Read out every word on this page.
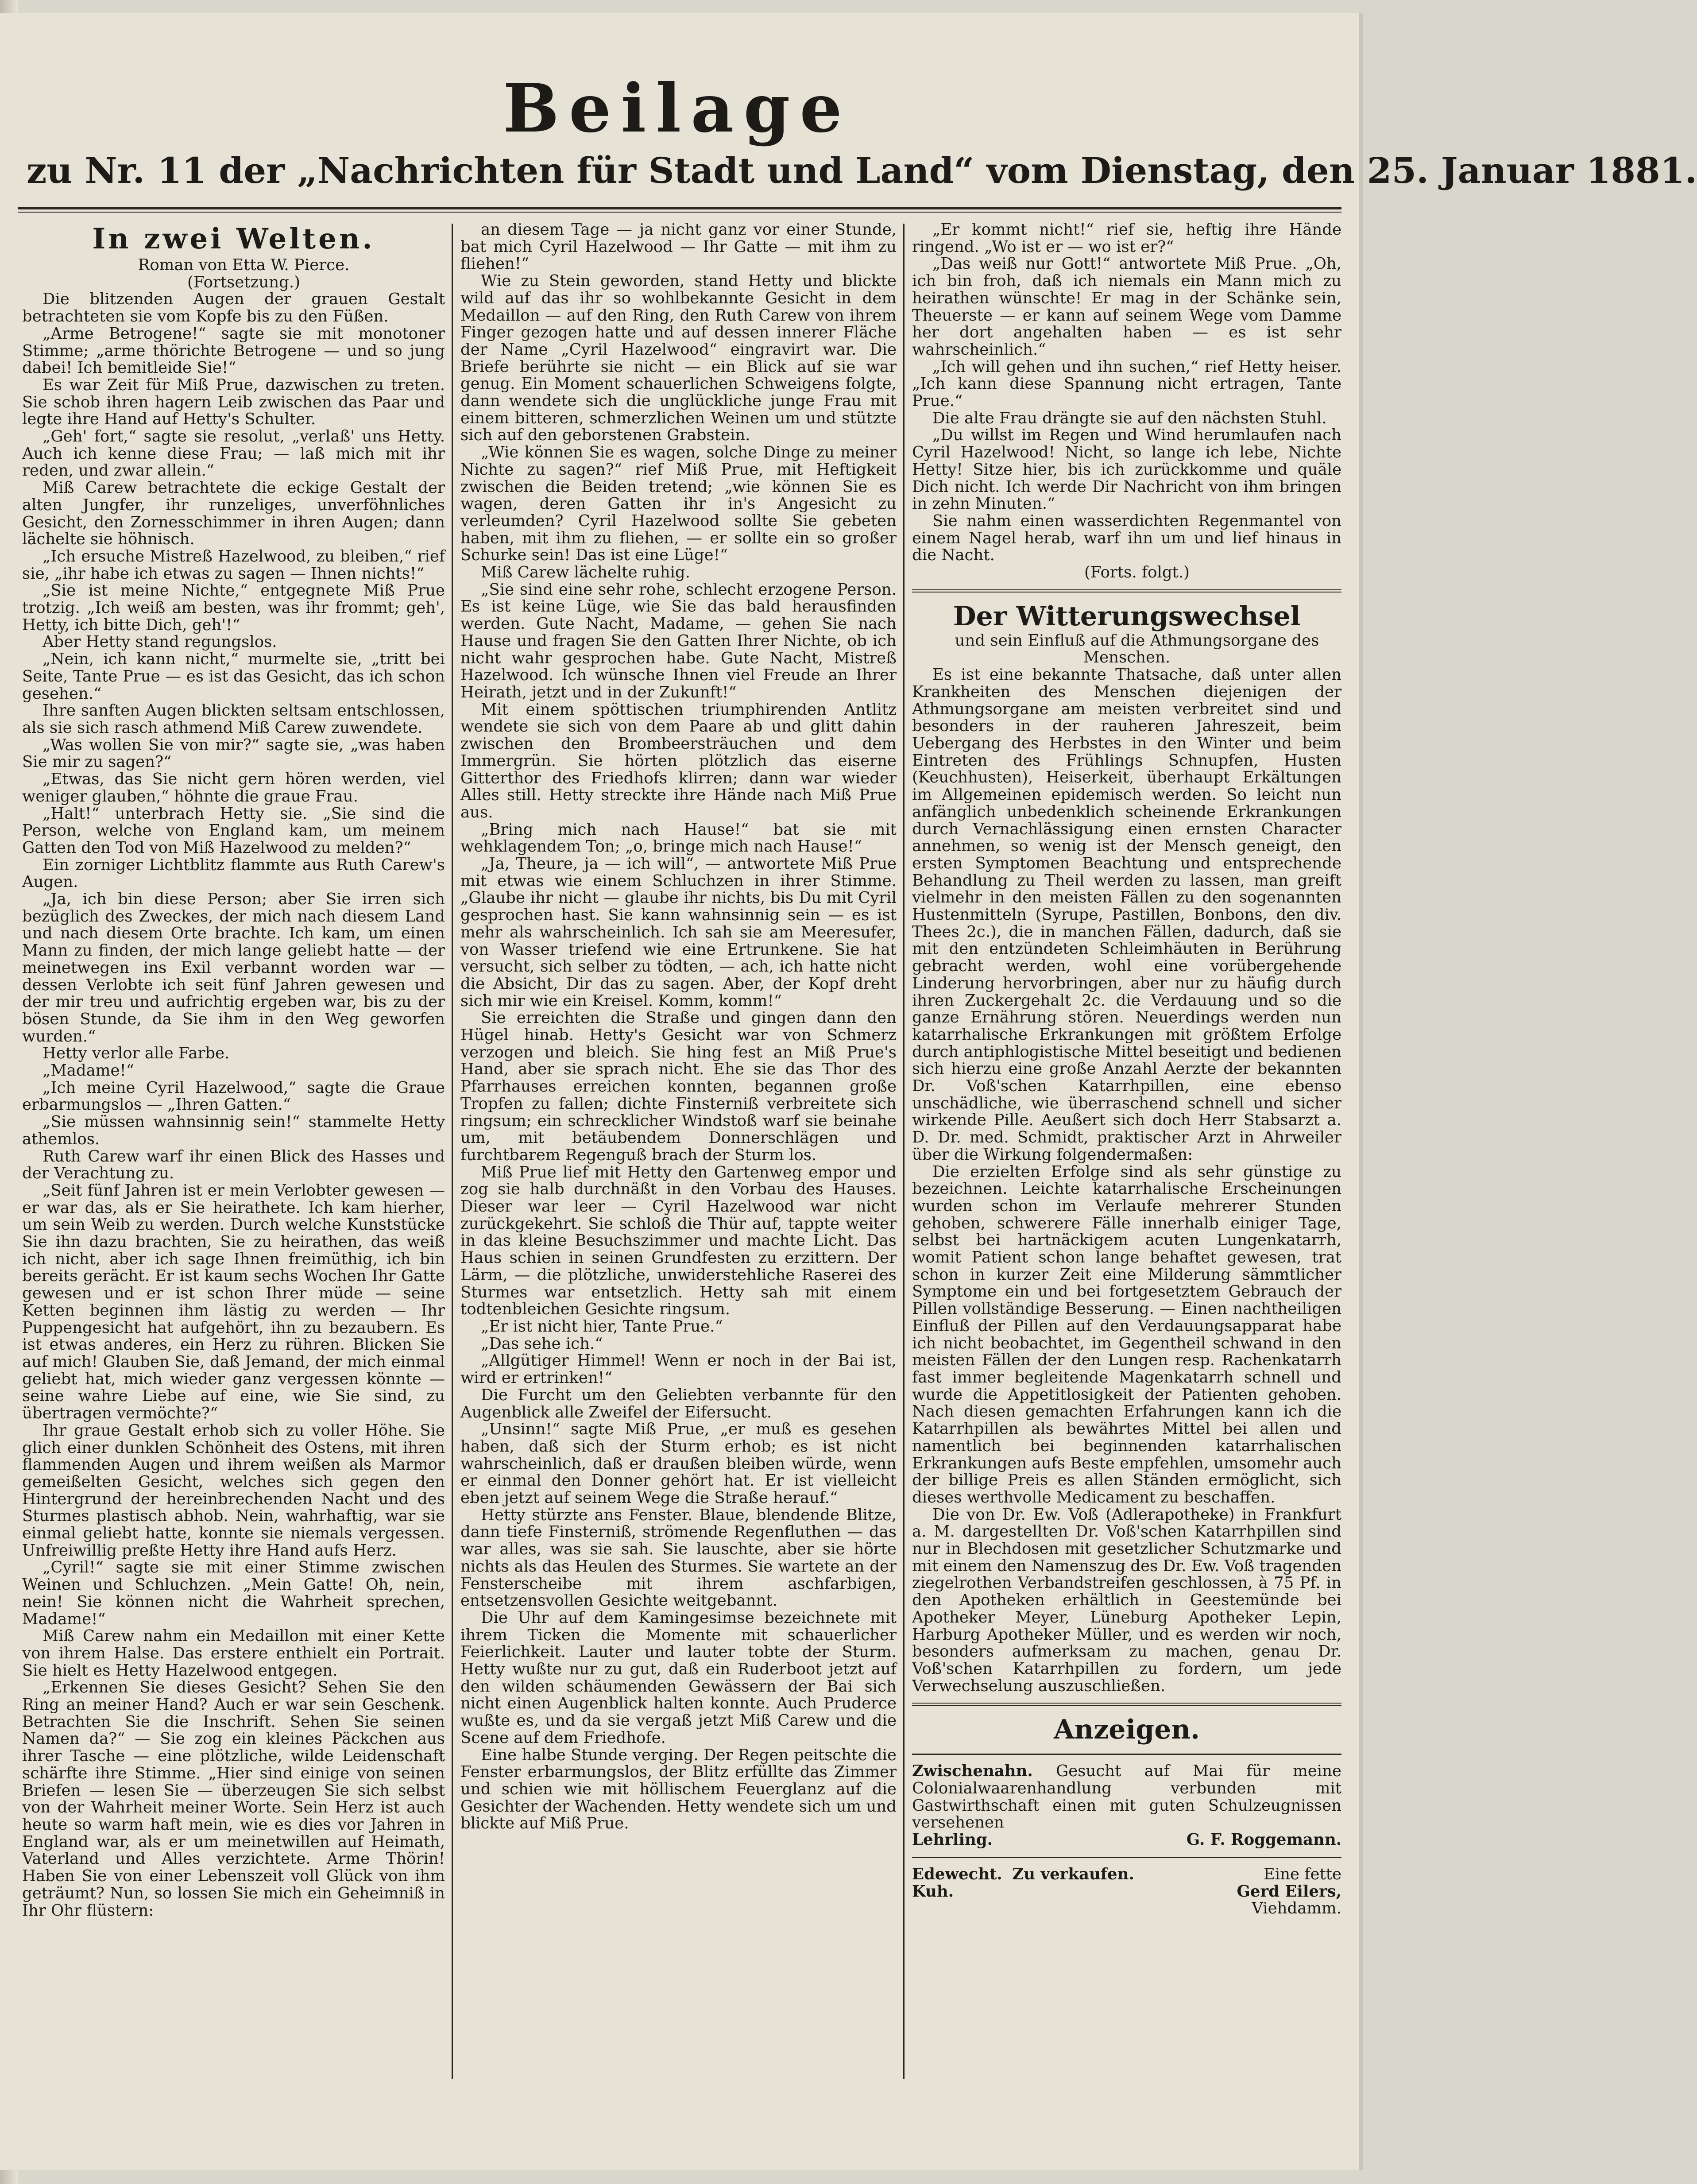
Beilage
zu Nr. 11 der „Nachrichten für Stadt und Land“ vom Dienstag, den 25. Januar 1881.
In zwei Welten.

Roman von Etta W. Pierce.

(Fortsetzung.)

Die blitzenden Augen der grauen Gestalt betrachteten sie vom Kopfe bis zu den Füßen.

„Arme Betrogene!“ sagte sie mit monotoner Stimme; „arme thörichte Betrogene — und so jung dabei! Ich bemitleide Sie!“

Es war Zeit für Miß Prue, dazwischen zu treten. Sie schob ihren hagern Leib zwischen das Paar und legte ihre Hand auf Hetty's Schulter.

„Geh' fort,“ sagte sie resolut, „verlaß' uns Hetty. Auch ich kenne diese Frau; — laß mich mit ihr reden, und zwar allein.“

Miß Carew betrachtete die eckige Gestalt der alten Jungfer, ihr runzeliges, unverföhnliches Gesicht, den Zornesschimmer in ihren Augen; dann lächelte sie höhnisch.

„Ich ersuche Mistreß Hazelwood, zu bleiben,“ rief sie, „ihr habe ich etwas zu sagen — Ihnen nichts!“

„Sie ist meine Nichte,“ entgegnete Miß Prue trotzig. „Ich weiß am besten, was ihr frommt; geh', Hetty, ich bitte Dich, geh'!“

Aber Hetty stand regungslos.

„Nein, ich kann nicht,“ murmelte sie, „tritt bei Seite, Tante Prue — es ist das Gesicht, das ich schon gesehen.“

Ihre sanften Augen blickten seltsam entschlossen, als sie sich rasch athmend Miß Carew zuwendete.

„Was wollen Sie von mir?“ sagte sie, „was haben Sie mir zu sagen?“

„Etwas, das Sie nicht gern hören werden, viel weniger glauben,“ höhnte die graue Frau.

„Halt!“ unterbrach Hetty sie. „Sie sind die Person, welche von England kam, um meinem Gatten den Tod von Miß Hazelwood zu melden?“

Ein zorniger Lichtblitz flammte aus Ruth Carew's Augen.

„Ja, ich bin diese Person; aber Sie irren sich bezüglich des Zweckes, der mich nach diesem Land und nach diesem Orte brachte. Ich kam, um einen Mann zu finden, der mich lange geliebt hatte — der meinetwegen ins Exil verbannt worden war — dessen Verlobte ich seit fünf Jahren gewesen und der mir treu und aufrichtig ergeben war, bis zu der bösen Stunde, da Sie ihm in den Weg geworfen wurden.“

Hetty verlor alle Farbe.

„Madame!“

„Ich meine Cyril Hazelwood,“ sagte die Graue erbarmungslos — „Ihren Gatten.“

„Sie müssen wahnsinnig sein!“ stammelte Hetty athemlos.

Ruth Carew warf ihr einen Blick des Hasses und der Verachtung zu.

„Seit fünf Jahren ist er mein Verlobter gewesen — er war das, als er Sie heirathete. Ich kam hierher, um sein Weib zu werden. Durch welche Kunststücke Sie ihn dazu brachten, Sie zu heirathen, das weiß ich nicht, aber ich sage Ihnen freimüthig, ich bin bereits gerächt. Er ist kaum sechs Wochen Ihr Gatte gewesen und er ist schon Ihrer müde — seine Ketten beginnen ihm lästig zu werden — Ihr Puppengesicht hat aufgehört, ihn zu bezaubern. Es ist etwas anderes, ein Herz zu rühren. Blicken Sie auf mich! Glauben Sie, daß Jemand, der mich einmal geliebt hat, mich wieder ganz vergessen könnte — seine wahre Liebe auf eine, wie Sie sind, zu übertragen vermöchte?“

Ihr graue Gestalt erhob sich zu voller Höhe. Sie glich einer dunklen Schönheit des Ostens, mit ihren flammenden Augen und ihrem weißen als Marmor gemeißelten Gesicht, welches sich gegen den Hintergrund der hereinbrechenden Nacht und des Sturmes plastisch abhob. Nein, wahrhaftig, war sie einmal geliebt hatte, konnte sie niemals vergessen. Unfreiwillig preßte Hetty ihre Hand aufs Herz.

„Cyril!“ sagte sie mit einer Stimme zwischen Weinen und Schluchzen. „Mein Gatte! Oh, nein, nein! Sie können nicht die Wahrheit sprechen, Madame!“

Miß Carew nahm ein Medaillon mit einer Kette von ihrem Halse. Das erstere enthielt ein Portrait. Sie hielt es Hetty Hazelwood entgegen.

„Erkennen Sie dieses Gesicht? Sehen Sie den Ring an meiner Hand? Auch er war sein Geschenk. Betrachten Sie die Inschrift. Sehen Sie seinen Namen da?“ — Sie zog ein kleines Päckchen aus ihrer Tasche — eine plötzliche, wilde Leidenschaft schärfte ihre Stimme. „Hier sind einige von seinen Briefen — lesen Sie — überzeugen Sie sich selbst von der Wahrheit meiner Worte. Sein Herz ist auch heute so warm haft mein, wie es dies vor Jahren in England war, als er um meinetwillen auf Heimath, Vaterland und Alles verzichtete. Arme Thörin! Haben Sie von einer Lebenszeit voll Glück von ihm geträumt? Nun, so lossen Sie mich ein Geheimniß in Ihr Ohr flüstern:

an diesem Tage — ja nicht ganz vor einer Stunde, bat mich Cyril Hazelwood — Ihr Gatte — mit ihm zu fliehen!“

Wie zu Stein geworden, stand Hetty und blickte wild auf das ihr so wohlbekannte Gesicht in dem Medaillon — auf den Ring, den Ruth Carew von ihrem Finger gezogen hatte und auf dessen innerer Fläche der Name „Cyril Hazelwood“ eingravirt war. Die Briefe berührte sie nicht — ein Blick auf sie war genug. Ein Moment schauerlichen Schweigens folgte, dann wendete sich die unglückliche junge Frau mit einem bitteren, schmerzlichen Weinen um und stützte sich auf den geborstenen Grabstein.

„Wie können Sie es wagen, solche Dinge zu meiner Nichte zu sagen?“ rief Miß Prue, mit Heftigkeit zwischen die Beiden tretend; „wie können Sie es wagen, deren Gatten ihr in's Angesicht zu verleumden? Cyril Hazelwood sollte Sie gebeten haben, mit ihm zu fliehen, — er sollte ein so großer Schurke sein! Das ist eine Lüge!“

Miß Carew lächelte ruhig.

„Sie sind eine sehr rohe, schlecht erzogene Person. Es ist keine Lüge, wie Sie das bald herausfinden werden. Gute Nacht, Madame, — gehen Sie nach Hause und fragen Sie den Gatten Ihrer Nichte, ob ich nicht wahr gesprochen habe. Gute Nacht, Mistreß Hazelwood. Ich wünsche Ihnen viel Freude an Ihrer Heirath, jetzt und in der Zukunft!“

Mit einem spöttischen triumphirenden Antlitz wendete sie sich von dem Paare ab und glitt dahin zwischen den Brombeersträuchen und dem Immergrün. Sie hörten plötzlich das eiserne Gitterthor des Friedhofs klirren; dann war wieder Alles still. Hetty streckte ihre Hände nach Miß Prue aus.

„Bring mich nach Hause!“ bat sie mit wehklagendem Ton; „o, bringe mich nach Hause!“

„Ja, Theure, ja — ich will“, — antwortete Miß Prue mit etwas wie einem Schluchzen in ihrer Stimme. „Glaube ihr nicht — glaube ihr nichts, bis Du mit Cyril gesprochen hast. Sie kann wahnsinnig sein — es ist mehr als wahrscheinlich. Ich sah sie am Meeresufer, von Wasser triefend wie eine Ertrunkene. Sie hat versucht, sich selber zu tödten, — ach, ich hatte nicht die Absicht, Dir das zu sagen. Aber, der Kopf dreht sich mir wie ein Kreisel. Komm, komm!“

Sie erreichten die Straße und gingen dann den Hügel hinab. Hetty's Gesicht war von Schmerz verzogen und bleich. Sie hing fest an Miß Prue's Hand, aber sie sprach nicht. Ehe sie das Thor des Pfarrhauses erreichen konnten, begannen große Tropfen zu fallen; dichte Finsterniß verbreitete sich ringsum; ein schrecklicher Windstoß warf sie beinahe um, mit betäubendem Donnerschlägen und furchtbarem Regenguß brach der Sturm los.

Miß Prue lief mit Hetty den Gartenweg empor und zog sie halb durchnäßt in den Vorbau des Hauses. Dieser war leer — Cyril Hazelwood war nicht zurückgekehrt. Sie schloß die Thür auf, tappte weiter in das kleine Besuchszimmer und machte Licht. Das Haus schien in seinen Grundfesten zu erzittern. Der Lärm, — die plötzliche, unwiderstehliche Raserei des Sturmes war entsetzlich. Hetty sah mit einem todtenbleichen Gesichte ringsum.

„Er ist nicht hier, Tante Prue.“

„Das sehe ich.“

„Allgütiger Himmel! Wenn er noch in der Bai ist, wird er ertrinken!“

Die Furcht um den Geliebten verbannte für den Augenblick alle Zweifel der Eifersucht.

„Unsinn!“ sagte Miß Prue, „er muß es gesehen haben, daß sich der Sturm erhob; es ist nicht wahrscheinlich, daß er draußen bleiben würde, wenn er einmal den Donner gehört hat. Er ist vielleicht eben jetzt auf seinem Wege die Straße herauf.“

Hetty stürzte ans Fenster. Blaue, blendende Blitze, dann tiefe Finsterniß, strömende Regenfluthen — das war alles, was sie sah. Sie lauschte, aber sie hörte nichts als das Heulen des Sturmes. Sie wartete an der Fensterscheibe mit ihrem aschfarbigen, entsetzensvollen Gesichte weitgebannt.

Die Uhr auf dem Kamingesimse bezeichnete mit ihrem Ticken die Momente mit schauerlicher Feierlichkeit. Lauter und lauter tobte der Sturm. Hetty wußte nur zu gut, daß ein Ruderboot jetzt auf den wilden schäumenden Gewässern der Bai sich nicht einen Augenblick halten konnte. Auch Pruderce wußte es, und da sie vergaß jetzt Miß Carew und die Scene auf dem Friedhofe.

Eine halbe Stunde verging. Der Regen peitschte die Fenster erbarmungslos, der Blitz erfüllte das Zimmer und schien wie mit höllischem Feuerglanz auf die Gesichter der Wachenden. Hetty wendete sich um und blickte auf Miß Prue.

„Er kommt nicht!“ rief sie, heftig ihre Hände ringend. „Wo ist er — wo ist er?“

„Das weiß nur Gott!“ antwortete Miß Prue. „Oh, ich bin froh, daß ich niemals ein Mann mich zu heirathen wünschte! Er mag in der Schänke sein, Theuerste — er kann auf seinem Wege vom Damme her dort angehalten haben — es ist sehr wahrscheinlich.“

„Ich will gehen und ihn suchen,“ rief Hetty heiser. „Ich kann diese Spannung nicht ertragen, Tante Prue.“

Die alte Frau drängte sie auf den nächsten Stuhl.

„Du willst im Regen und Wind herumlaufen nach Cyril Hazelwood! Nicht, so lange ich lebe, Nichte Hetty! Sitze hier, bis ich zurückkomme und quäle Dich nicht. Ich werde Dir Nachricht von ihm bringen in zehn Minuten.“

Sie nahm einen wasserdichten Regenmantel von einem Nagel herab, warf ihn um und lief hinaus in die Nacht.

(Forts. folgt.)

Der Witterungswechsel

und sein Einfluß auf die Athmungsorgane des Menschen.

Es ist eine bekannte Thatsache, daß unter allen Krankheiten des Menschen diejenigen der Athmungsorgane am meisten verbreitet sind und besonders in der rauheren Jahreszeit, beim Uebergang des Herbstes in den Winter und beim Eintreten des Frühlings Schnupfen, Husten (Keuchhusten), Heiserkeit, überhaupt Erkältungen im Allgemeinen epidemisch werden. So leicht nun anfänglich unbedenklich scheinende Erkrankungen durch Vernachlässigung einen ernsten Character annehmen, so wenig ist der Mensch geneigt, den ersten Symptomen Beachtung und entsprechende Behandlung zu Theil werden zu lassen, man greift vielmehr in den meisten Fällen zu den sogenannten Hustenmitteln (Syrupe, Pastillen, Bonbons, den div. Thees 2c.), die in manchen Fällen, dadurch, daß sie mit den entzündeten Schleimhäuten in Berührung gebracht werden, wohl eine vorübergehende Linderung hervorbringen, aber nur zu häufig durch ihren Zuckergehalt 2c. die Verdauung und so die ganze Ernährung stören. Neuerdings werden nun katarrhalische Erkrankungen mit größtem Erfolge durch antiphlogistische Mittel beseitigt und bedienen sich hierzu eine große Anzahl Aerzte der bekannten Dr. Voß'schen Katarrhpillen, eine ebenso unschädliche, wie überraschend schnell und sicher wirkende Pille. Aeußert sich doch Herr Stabsarzt a. D. Dr. med. Schmidt, praktischer Arzt in Ahrweiler über die Wirkung folgendermaßen:

Die erzielten Erfolge sind als sehr günstige zu bezeichnen. Leichte katarrhalische Erscheinungen wurden schon im Verlaufe mehrerer Stunden gehoben, schwerere Fälle innerhalb einiger Tage, selbst bei hartnäckigem acuten Lungenkatarrh, womit Patient schon lange behaftet gewesen, trat schon in kurzer Zeit eine Milderung sämmtlicher Symptome ein und bei fortgesetztem Gebrauch der Pillen vollständige Besserung. — Einen nachtheiligen Einfluß der Pillen auf den Verdauungsapparat habe ich nicht beobachtet, im Gegentheil schwand in den meisten Fällen der den Lungen resp. Rachenkatarrh fast immer begleitende Magenkatarrh schnell und wurde die Appetitlosigkeit der Patienten gehoben. Nach diesen gemachten Erfahrungen kann ich die Katarrhpillen als bewährtes Mittel bei allen und namentlich bei beginnenden katarrhalischen Erkrankungen aufs Beste empfehlen, umsomehr auch der billige Preis es allen Ständen ermöglicht, sich dieses werthvolle Medicament zu beschaffen.

Die von Dr. Ew. Voß (Adlerapotheke) in Frankfurt a. M. dargestellten Dr. Voß'schen Katarrhpillen sind nur in Blechdosen mit gesetzlicher Schutzmarke und mit einem den Namenszug des Dr. Ew. Voß tragenden ziegelrothen Verbandstreifen geschlossen, à 75 Pf. in den Apotheken erhältlich in Geestemünde bei Apotheker Meyer, Lüneburg Apotheker Lepin, Harburg Apotheker Müller, und es werden wir noch, besonders aufmerksam zu machen, genau Dr. Voß'schen Katarrhpillen zu fordern, um jede Verwechselung auszuschließen.

Anzeigen.

Zwischenahn. Gesucht auf Mai für meine Colonialwaarenhandlung verbunden mit Gastwirthschaft einen mit guten Schulzeugnissen versehenen

Lehrling.	G. F. Roggemann.
Edewecht. Zu verkaufen.	Eine fette
Kuh.	Gerd Eilers,

Viehdamm.
